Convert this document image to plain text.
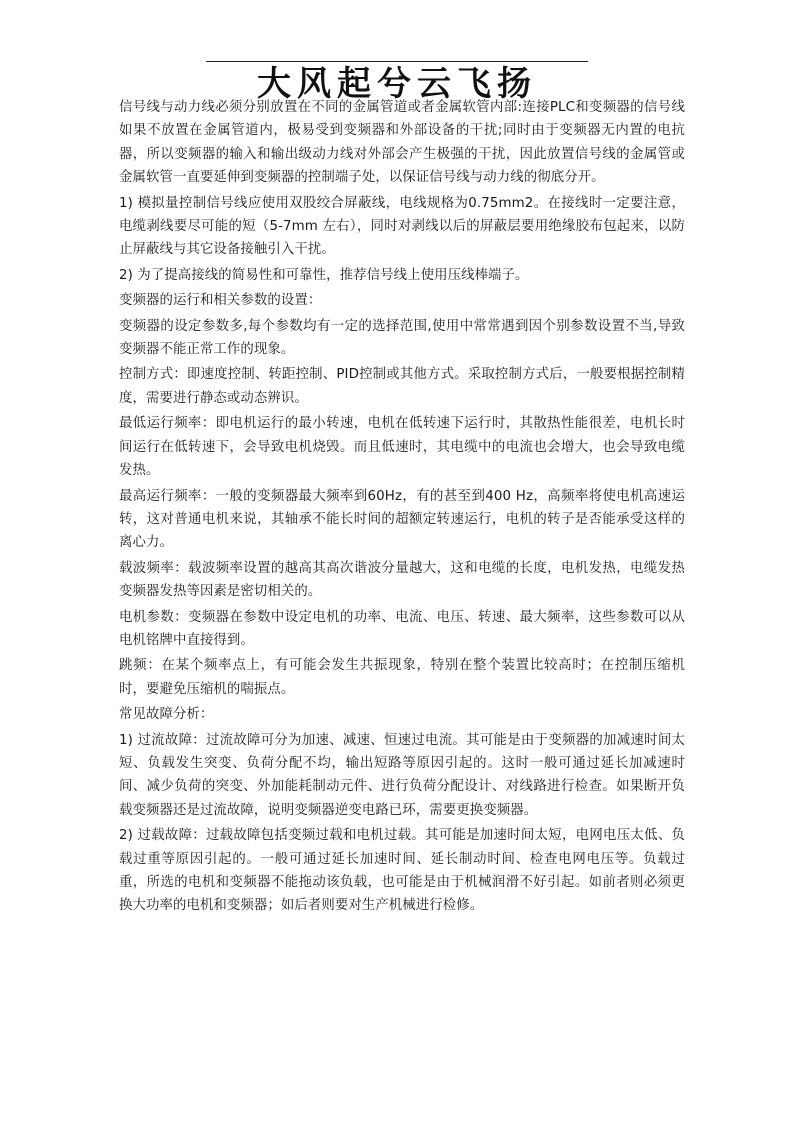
大风起兮云飞扬

信号线与动力线必须分别放置在不同的金属管道或者金属软管内部:连接PLC和变频器的信号线如果不放置在金属管道内，极易受到变频器和外部设备的干扰;同时由于变频器无内置的电抗器，所以变频器的输入和输出级动力线对外部会产生极强的干扰，因此放置信号线的金属管或金属软管一直要延伸到变频器的控制端子处，以保证信号线与动力线的彻底分开。

1) 模拟量控制信号线应使用双股绞合屏蔽线，电线规格为0.75mm2。在接线时一定要注意，电缆剥线要尽可能的短（5-7mm 左右），同时对剥线以后的屏蔽层要用绝缘胶布包起来，以防止屏蔽线与其它设备接触引入干扰。

2) 为了提高接线的简易性和可靠性，推荐信号线上使用压线棒端子。

变频器的运行和相关参数的设置：

变频器的设定参数多,每个参数均有一定的选择范围,使用中常常遇到因个别参数设置不当,导致变频器不能正常工作的现象。

控制方式：即速度控制、转距控制、PID控制或其他方式。采取控制方式后，一般要根据控制精度，需要进行静态或动态辨识。

最低运行频率：即电机运行的最小转速，电机在低转速下运行时，其散热性能很差，电机长时间运行在低转速下，会导致电机烧毁。而且低速时，其电缆中的电流也会增大，也会导致电缆发热。

最高运行频率：一般的变频器最大频率到60Hz，有的甚至到400 Hz，高频率将使电机高速运转，这对普通电机来说，其轴承不能长时间的超额定转速运行，电机的转子是否能承受这样的离心力。

载波频率：载波频率设置的越高其高次谐波分量越大，这和电缆的长度，电机发热，电缆发热变频器发热等因素是密切相关的。

电机参数：变频器在参数中设定电机的功率、电流、电压、转速、最大频率，这些参数可以从电机铭牌中直接得到。

跳频：在某个频率点上，有可能会发生共振现象，特别在整个装置比较高时；在控制压缩机时，要避免压缩机的喘振点。

常见故障分析：

1) 过流故障：过流故障可分为加速、减速、恒速过电流。其可能是由于变频器的加减速时间太短、负载发生突变、负荷分配不均，输出短路等原因引起的。这时一般可通过延长加减速时间、减少负荷的突变、外加能耗制动元件、进行负荷分配设计、对线路进行检查。如果断开负载变频器还是过流故障，说明变频器逆变电路已环，需要更换变频器。

2) 过载故障：过载故障包括变频过载和电机过载。其可能是加速时间太短，电网电压太低、负载过重等原因引起的。一般可通过延长加速时间、延长制动时间、检查电网电压等。负载过重，所选的电机和变频器不能拖动该负载，也可能是由于机械润滑不好引起。如前者则必须更换大功率的电机和变频器；如后者则要对生产机械进行检修。
